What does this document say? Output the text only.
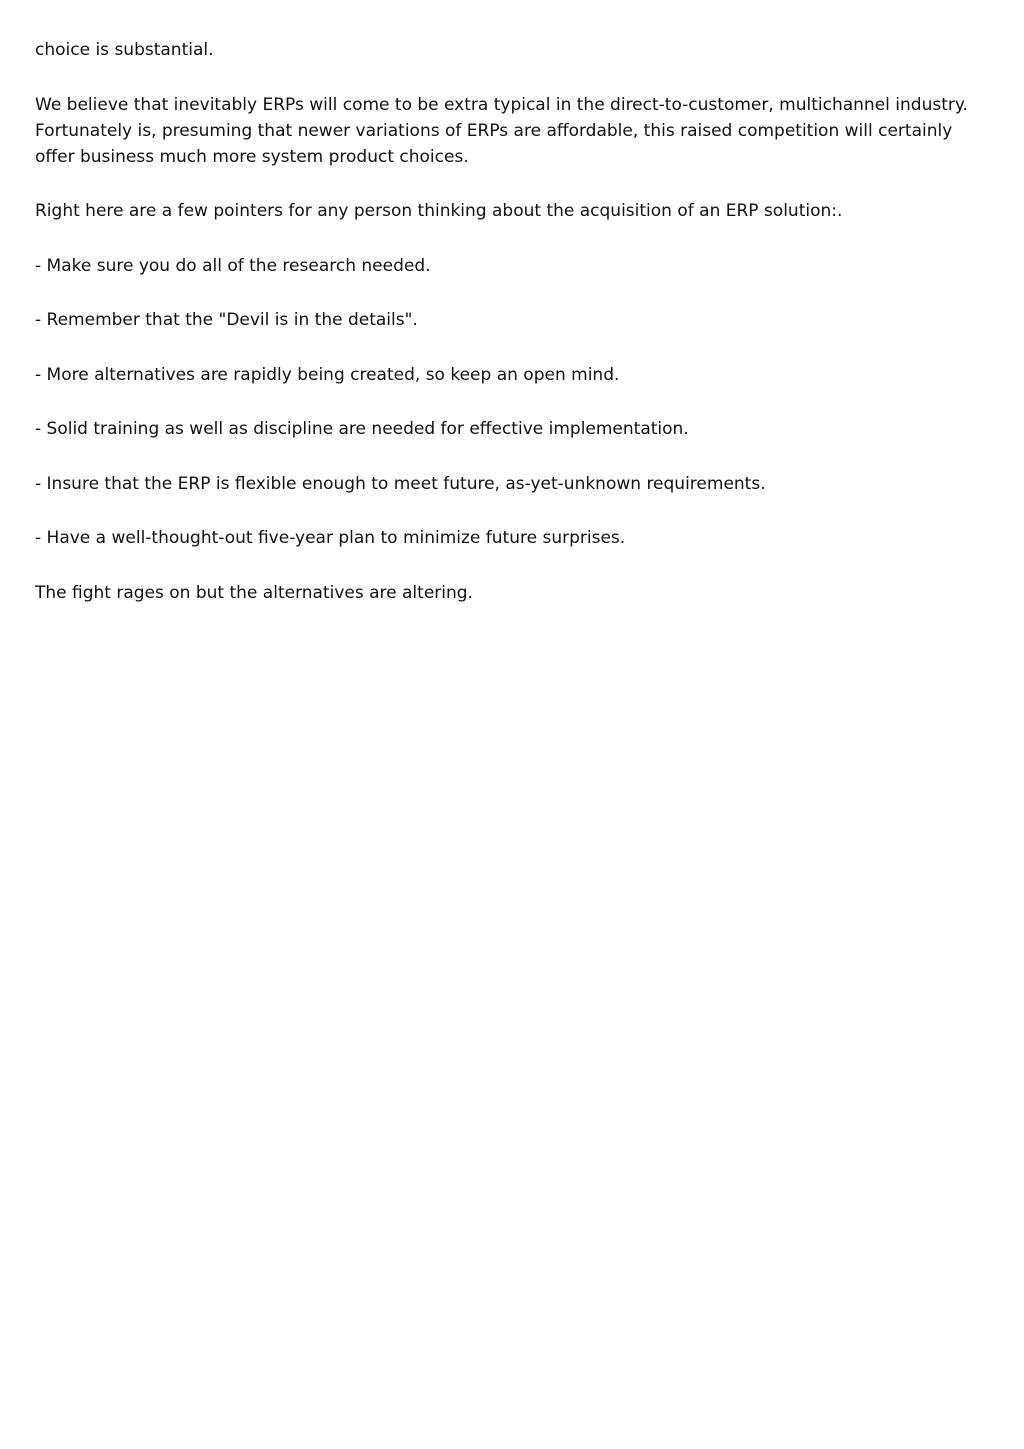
choice is substantial.

We believe that inevitably ERPs will come to be extra typical in the direct-to-customer, multichannel industry. Fortunately is, presuming that newer variations of ERPs are affordable, this raised competition will certainly offer business much more system product choices.

Right here are a few pointers for any person thinking about the acquisition of an ERP solution:.

- Make sure you do all of the research needed.

- Remember that the "Devil is in the details".

- More alternatives are rapidly being created, so keep an open mind.

- Solid training as well as discipline are needed for effective implementation.

- Insure that the ERP is flexible enough to meet future, as-yet-unknown requirements.

- Have a well-thought-out five-year plan to minimize future surprises.

The fight rages on but the alternatives are altering.
